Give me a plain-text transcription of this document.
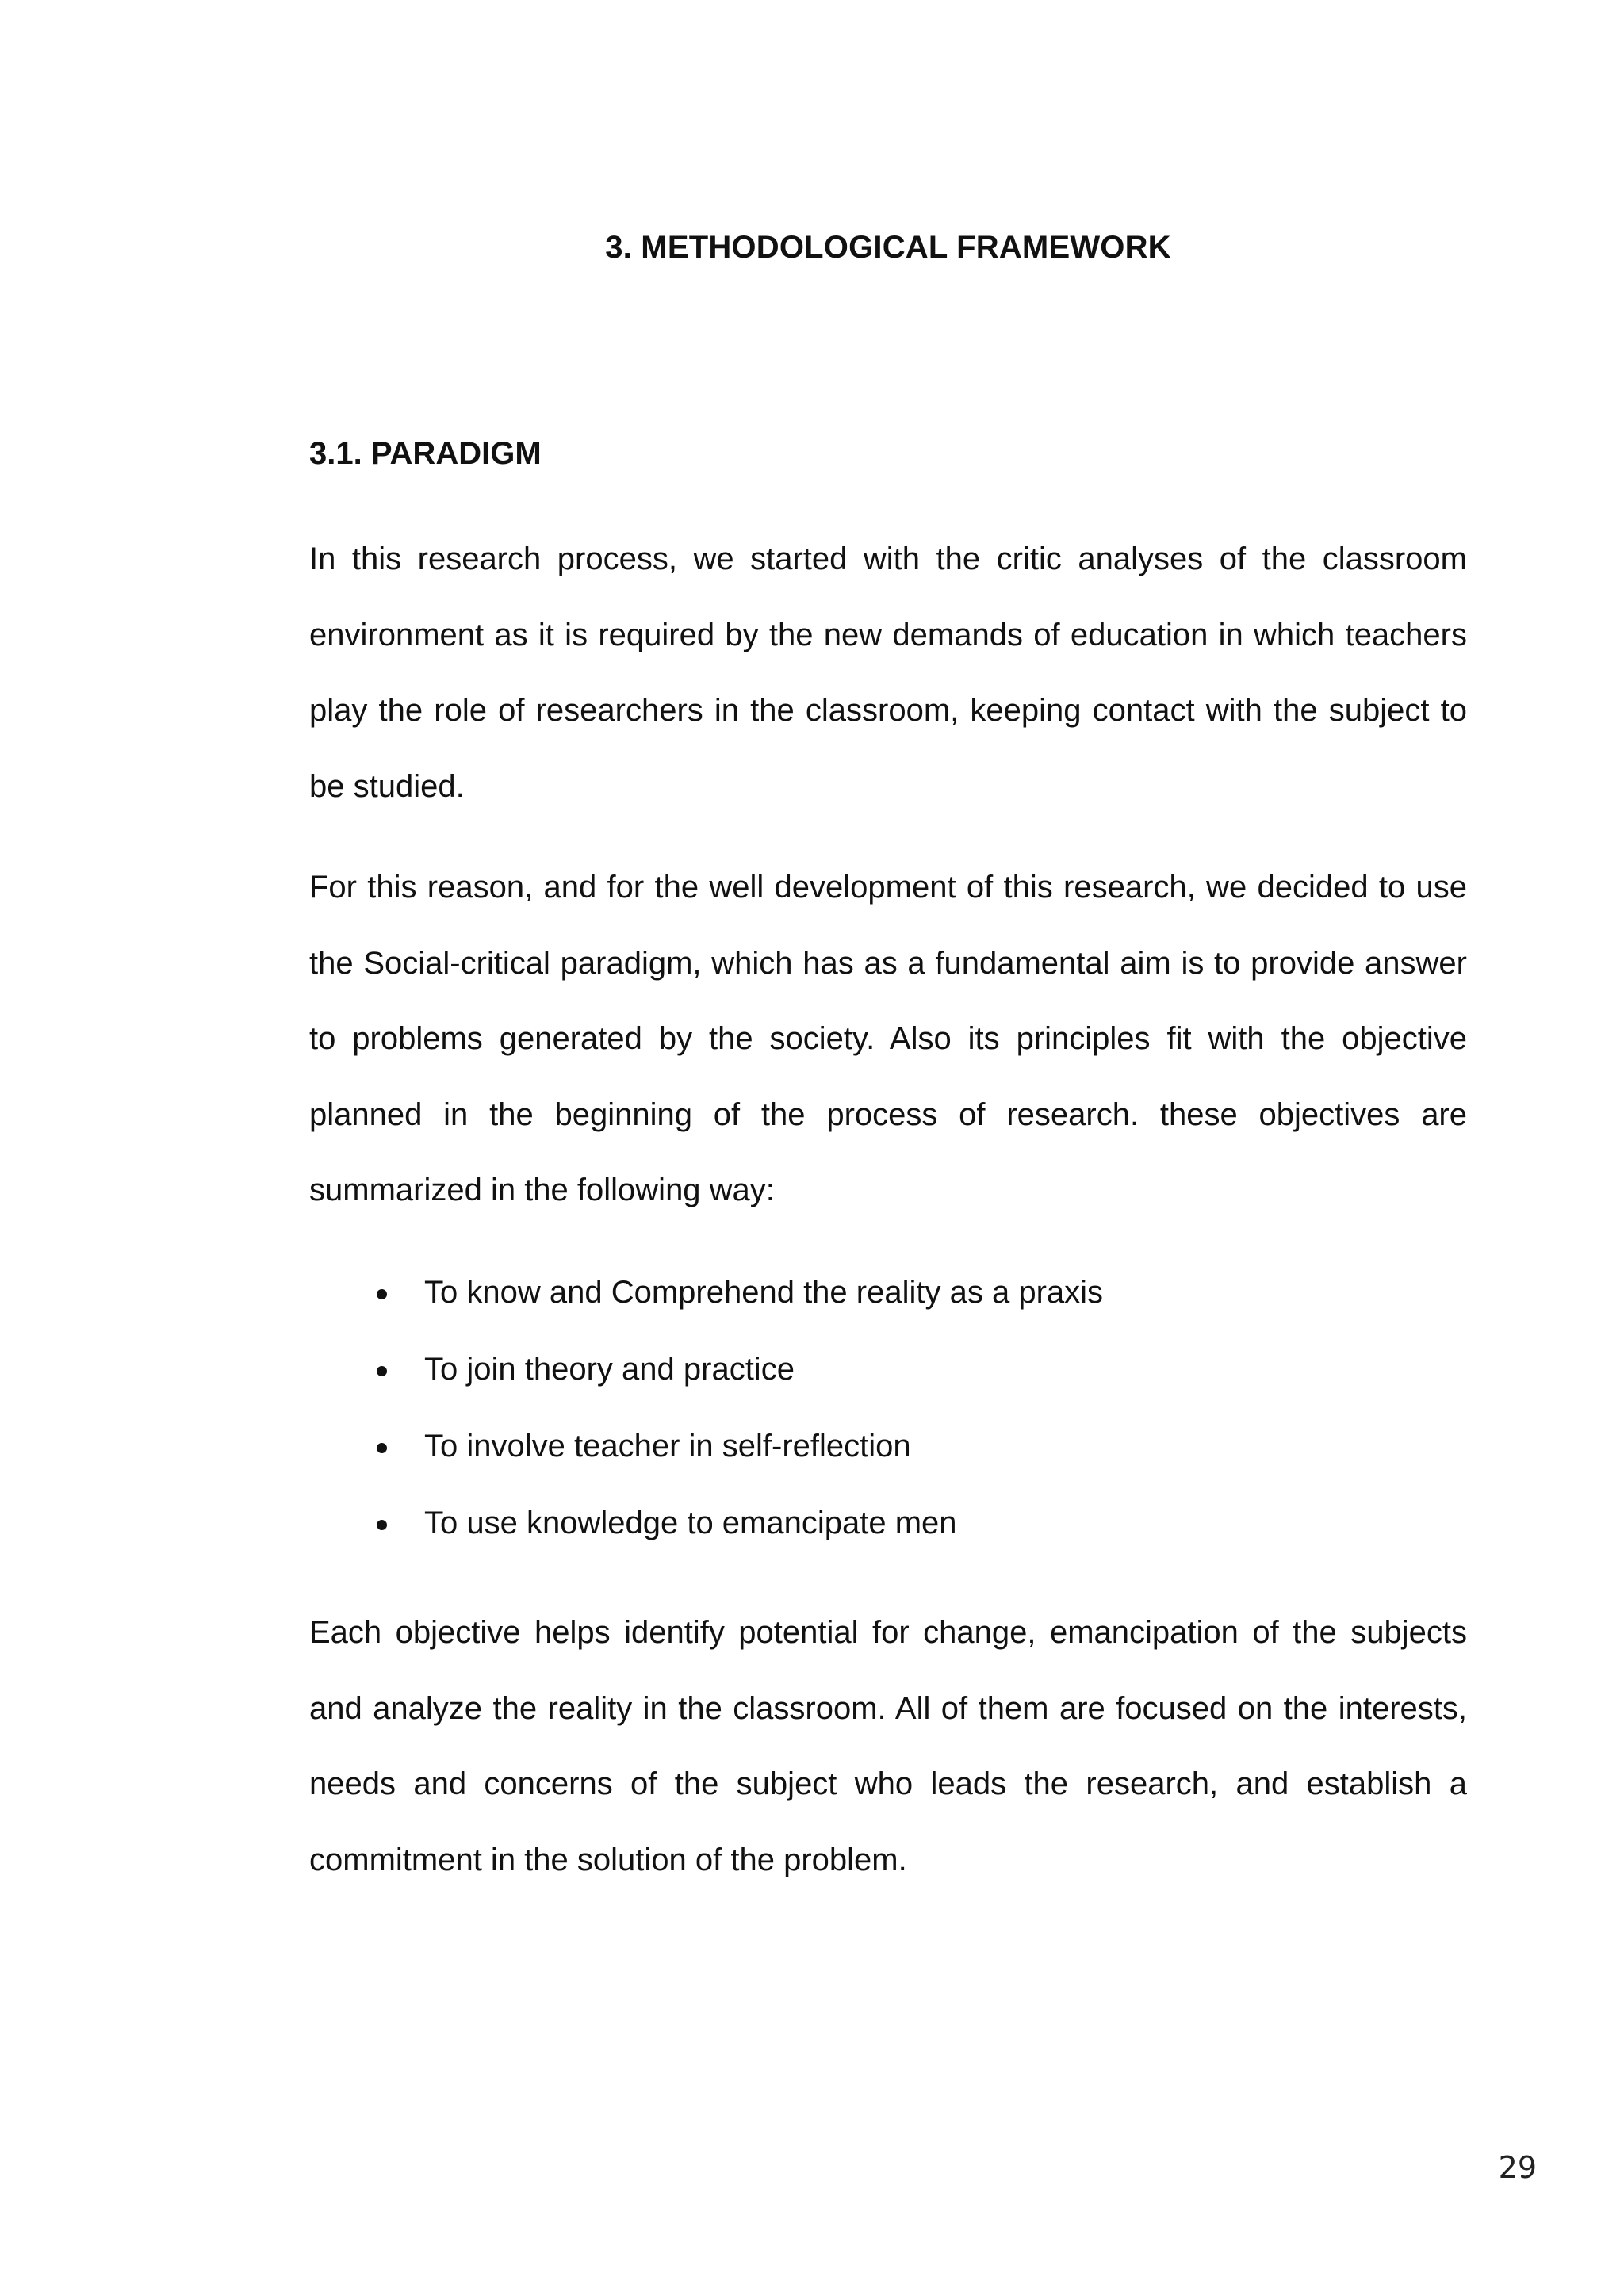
3. METHODOLOGICAL FRAMEWORK
3.1. PARADIGM

In this research process, we started with the critic analyses of the classroom environment as it is required by the new demands of education in which teachers play the role of researchers in the classroom, keeping contact with the subject to be studied.

For this reason, and for the well development of this research, we decided to use the Social-critical paradigm, which has as a fundamental aim is to provide answer to problems generated by the society. Also its principles fit with the objective planned in the beginning of the process of research. these objectives are summarized in the following way:

To know and Comprehend the reality as a praxis
To join theory and practice
To involve teacher in self-reflection
To use knowledge to emancipate men

Each objective helps identify potential for change, emancipation of the subjects and analyze the reality in the classroom. All of them are focused on the interests, needs and concerns of the subject who leads the research, and establish a commitment in the solution of the problem.

29
